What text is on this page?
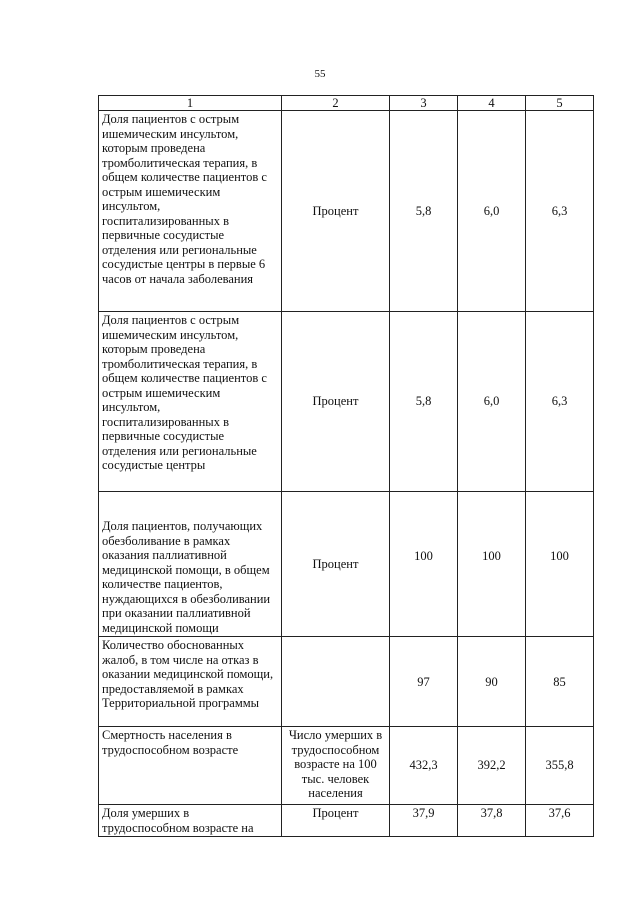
55
1	2	3	4	5
Доля пациентов с острым ишемическим инсультом, которым проведена тромболитическая терапия, в общем количестве пациентов с острым ишемическим инсультом, госпитализированных в первичные сосудистые отделения или региональные сосудистые центры в первые 6 часов от начала заболевания	Процент	5,8	6,0	6,3
Доля пациентов с острым ишемическим инсультом, которым проведена тромболитическая терапия, в общем количестве пациентов с острым ишемическим инсультом, госпитализированных в первичные сосудистые отделения или региональные сосудистые центры	Процент	5,8	6,0	6,3
Доля пациентов, получающих обезболивание в рамках оказания паллиативной медицинской помощи, в общем количестве пациентов, нуждающихся в обезболивании при оказании паллиативной медицинской помощи	Процент	100	100	100
Количество обоснованных жалоб, в том числе на отказ в оказании медицинской помощи, предоставляемой в рамках Территориальной программы		97	90	85
Смертность населения в трудоспособном возрасте	Число умерших в трудоспособном возрасте на 100 тыс. человек населения	432,3	392,2	355,8
Доля умерших в трудоспособном возрасте на	Процент	37,9	37,8	37,6
